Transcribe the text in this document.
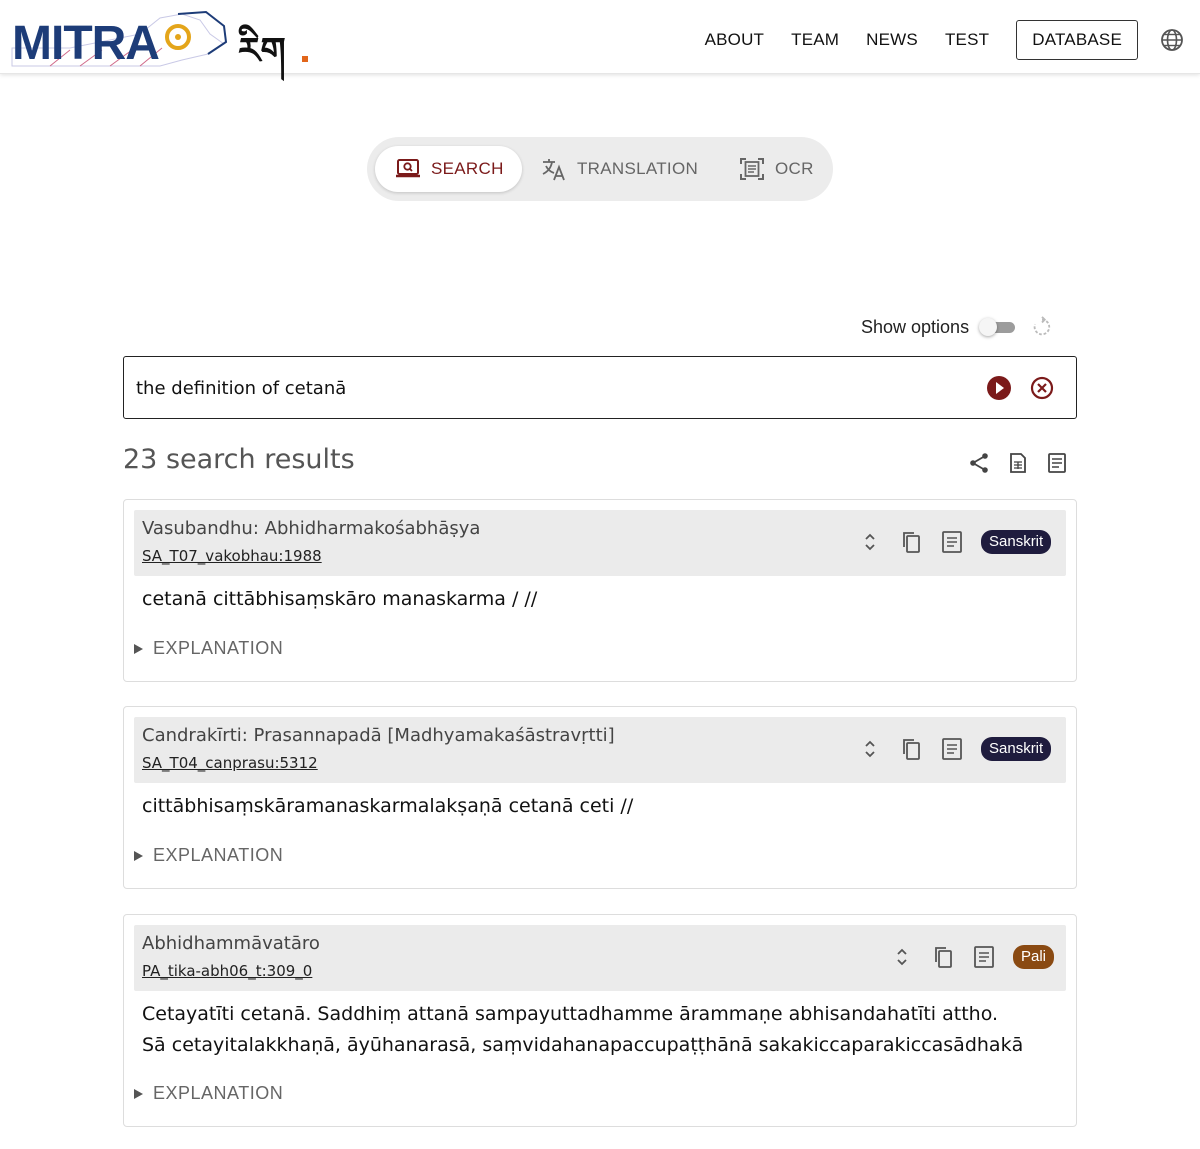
MITRA རིག	ABOUT TEAM NEWS TEST	DATABASE
SEARCH	TRANSLATION	OCR
Show options
the definition of cetanā
23 search results
Vasubandhu: Abhidharmakośabhāṣya
SA_T07_vakobhau:1988
Sanskrit

cetanā cittābhisaṃskāro manaskarma / //

EXPLANATION
Candrakīrti: Prasannapadā [Madhyamakaśāstravṛtti]
SA_T04_canprasu:5312
Sanskrit

cittābhisaṃskāramanaskarmalakṣaṇā cetanā ceti //

EXPLANATION
Abhidhammāvatāro
PA_tika-abh06_t:309_0
Pali

Cetayatīti cetanā. Saddhiṃ attanā sampayuttadhamme ārammaṇe abhisandahatīti attho.

Sā cetayitalakkhaṇā, āyūhanarasā, saṃvidahanapaccupaṭṭhānā sakakiccaparakiccasādhakā

EXPLANATION
